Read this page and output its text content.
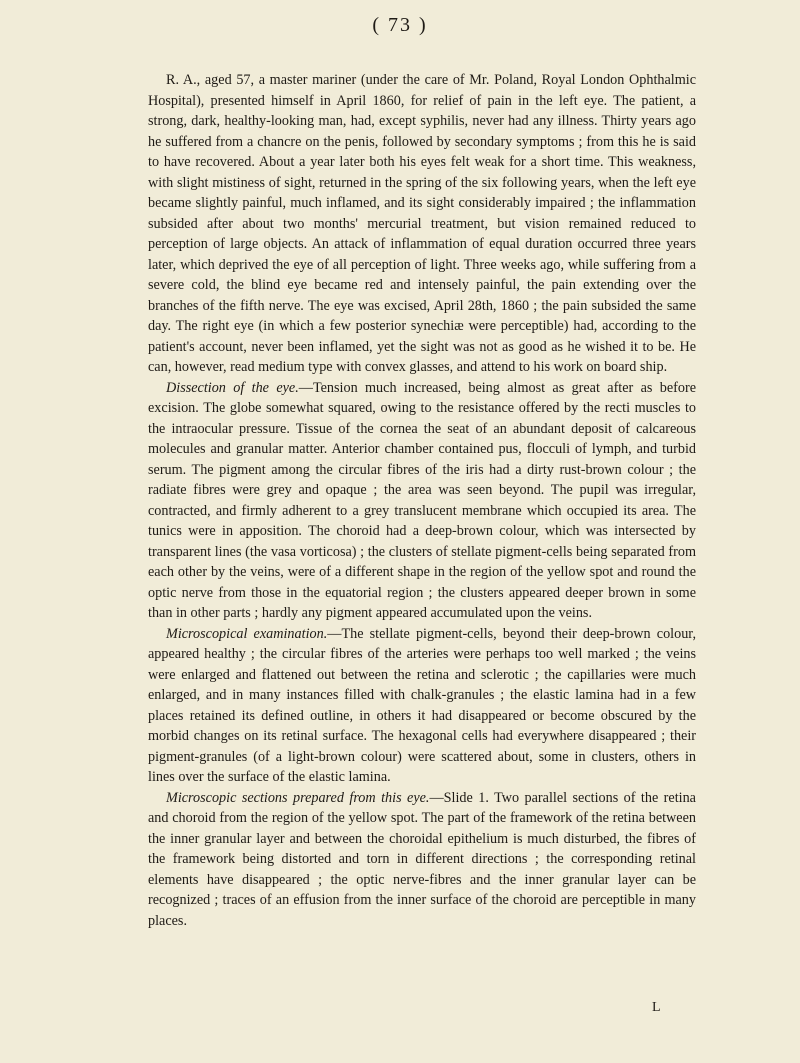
( 73 )

R. A., aged 57, a master mariner (under the care of Mr. Poland, Royal London Ophthalmic Hospital), presented himself in April 1860, for relief of pain in the left eye. The patient, a strong, dark, healthy-looking man, had, except syphilis, never had any illness. Thirty years ago he suffered from a chancre on the penis, followed by secondary symptoms ; from this he is said to have recovered. About a year later both his eyes felt weak for a short time. This weakness, with slight mistiness of sight, returned in the spring of the six following years, when the left eye became slightly painful, much inflamed, and its sight considerably impaired ; the inflammation subsided after about two months' mercurial treatment, but vision remained reduced to perception of large objects. An attack of inflammation of equal duration occurred three years later, which deprived the eye of all perception of light. Three weeks ago, while suffering from a severe cold, the blind eye became red and intensely painful, the pain extending over the branches of the fifth nerve. The eye was excised, April 28th, 1860 ; the pain subsided the same day. The right eye (in which a few posterior synechiæ were perceptible) had, according to the patient's account, never been inflamed, yet the sight was not as good as he wished it to be. He can, however, read medium type with convex glasses, and attend to his work on board ship.

Dissection of the eye.—Tension much increased, being almost as great after as before excision. The globe somewhat squared, owing to the resistance offered by the recti muscles to the intraocular pressure. Tissue of the cornea the seat of an abundant deposit of calcareous molecules and granular matter. Anterior chamber contained pus, flocculi of lymph, and turbid serum. The pigment among the circular fibres of the iris had a dirty rust-brown colour ; the radiate fibres were grey and opaque ; the area was seen beyond. The pupil was irregular, contracted, and firmly adherent to a grey translucent membrane which occupied its area. The tunics were in apposition. The choroid had a deep-brown colour, which was intersected by transparent lines (the vasa vorticosa) ; the clusters of stellate pigment-cells being separated from each other by the veins, were of a different shape in the region of the yellow spot and round the optic nerve from those in the equatorial region ; the clusters appeared deeper brown in some than in other parts ; hardly any pigment appeared accumulated upon the veins.

Microscopical examination.—The stellate pigment-cells, beyond their deep-brown colour, appeared healthy ; the circular fibres of the arteries were perhaps too well marked ; the veins were enlarged and flattened out between the retina and sclerotic ; the capillaries were much enlarged, and in many instances filled with chalk-granules ; the elastic lamina had in a few places retained its defined outline, in others it had disappeared or become obscured by the morbid changes on its retinal surface. The hexagonal cells had everywhere disappeared ; their pigment-granules (of a light-brown colour) were scattered about, some in clusters, others in lines over the surface of the elastic lamina.

Microscopic sections prepared from this eye.—Slide 1. Two parallel sections of the retina and choroid from the region of the yellow spot. The part of the framework of the retina between the inner granular layer and between the choroidal epithelium is much disturbed, the fibres of the framework being distorted and torn in different directions ; the corresponding retinal elements have disappeared ; the optic nerve-fibres and the inner granular layer can be recognized ; traces of an effusion from the inner surface of the choroid are perceptible in many places.

L
